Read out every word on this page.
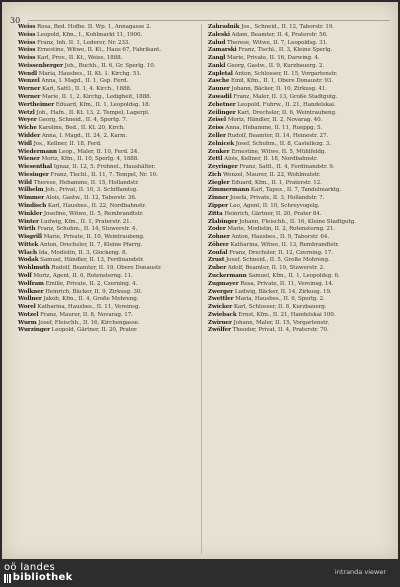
30
Weiss Rosa, Bed. Hofbe. II. Wp. 1, Annagasse 2.
Weiss Leopold, Kfm., I., Kohlmarkt 11, 1900.
Weiss Franz, Inh. II. 1, Lederer, Nr. 233.
Weiss Ernestine, Witwe, II. Kt., Haus 67, Fabrikant.
Weiss Karl, Prov., II. Kt., Weiss, 1888.
Weissenberger Joh., Buchh., II. 6, Gr. Sperlg. 10.
Wendl Maria, Hausbes., II. Kt. 1. Kirchg. 51.
Wenzel Anna, I. Magd., II. 1, Gsp. Ferd.
Werner Karl, Sattl., II. 1, 4. Kirch., 1888.
Werner Marie, II. 1, 2. Kirchg., Ledigheit, 1888.
Wertheimer Eduard, Kfm., II. 1, Leopoldsg. 18.
Wetzl Joh., Hafn., II. Kt. 13, 2. Tempel, Lagerpl.
Weyer Georg, Schneid., II. 4, Sportg. 7.
Wiche Karoline, Bed., II. Kt. 20, Kirch.
Widder Anna, I. Magd., II. 24, 2. Karm.
Widl Jos., Kellner, II. 18, Ferd.
Wiedermann Leop., Maler, II. 10, Ferd. 24.
Wiener Moriz, Kfm., II. 10, Sperlg. 4, 1888.
Wiesenthal Ignaz, II. 12, 5. Frohnel., Haushälter.
Wiesinger Franz, Tischl., II. 11, 7. Tempel, Nr. 10.
Wild Therese, Hebamme, II. 15, Hollandstr.
Wilhelm Joh., Privat, II. 10, 3. Schiffamtsg.
Wimmer Alois, Gastw., II. 12, Taborstr. 36.
Windisch Karl, Hausbes., II. 22, Nordbahnstr.
Winkler Josefine, Witwe, II. 5, Rembrandtstr.
Winter Ludwig, Kfm., II. 1, Praterstr. 21.
Wirth Franz, Schuhm., II. 14, Stuwerstr. 4.
Wisgrill Marie, Private, II. 10, Weintraubeng.
Wittek Anton, Drechsler, II. 7, Kleine Pfarrg.
Wlach Ida, Modistin, II. 3, Glockeng. 8.
Wodak Samuel, Händler, II. 13, Ferdinandstr.
Wohlmuth Rudolf, Beamter, II. 19, Obere Donaustr.
Wolf Moriz, Agent, II. 6, Rotensterng. 11.
Wolfram Emilie, Private, II. 2, Czerning. 4.
Wolkner Heinrich, Bäcker, II. 9, Zirkusg. 30.
Wollner Jakob, Kfm., II. 4, Große Mohreng.
Worel Katharina, Hausbes., II. 11, Vereinsg.
Wotzel Franz, Maurer, II. 8, Novarag. 17.
Wurm Josef, Fleischh., II. 16, Kirchengasse.
Wurzinger Leopold, Gärtner, II. 20, Prater.
Zahradnik Jos., Schneid., II. 12, Taborstr. 19.
Zaleski Adam, Beamter, II. 4, Praterstr. 56.
Zalud Therese, Witwe, II. 7, Leopoldsg. 31.
Zamarski Franz, Tischl., II. 3, Kleine Sperlg.
Zangl Marie, Private, II. 16, Darwing. 4.
Zankl Georg, Gastw., II. 9, Kurzbauerg. 2.
Zapletal Anton, Schlosser, II. 15, Vorgartenstr.
Zasche Emil, Kfm., II. 1, Obere Donaustr. 93.
Zauner Johann, Bäcker, II. 10, Zirkusg. 41.
Zawadil Franz, Maler, II. 13, Große Stadtgutg.
Zehetner Leopold, Fuhrw., II. 21, Handelskai.
Zeilinger Karl, Drechsler, II. 6, Weintraubeng.
Zeisel Moriz, Händler, II. 2, Novarag. 40.
Zeiss Anna, Hebamme, II. 11, Rueppg. 5.
Zeller Rudolf, Beamter, II. 14, Heinestr. 27.
Zelnicek Josef, Schuhm., II. 8, Castellezg. 3.
Zenker Ernestine, Witwe, II. 5, Mühlfeldg.
Zettl Alois, Kellner, II. 18, Nordbahnstr.
Zeyringer Franz, Sattl., II. 4, Ferdinandstr. 9.
Zich Wenzel, Maurer, II. 22, Wohlmutstr.
Ziegler Eduard, Kfm., II. 1, Praterstr. 12.
Zimmermann Karl, Tapez., II. 7, Tandelmarktg.
Zinner Josefa, Private, II. 3, Hollandstr. 7.
Zipper Leo, Agent, II. 10, Schreyvogelg.
Zitta Heinrich, Gärtner, II. 20, Prater 84.
Zlabinger Johann, Fleischh., II. 16, Kleine Stadtgutg.
Zoder Marie, Modistin, II. 2, Rotensterng. 21.
Zohner Anton, Hausbes., II. 9, Taborstr. 64.
Zöhrer Katharina, Witwe, II. 13, Rembrandtstr.
Zoufal Franz, Drechsler, II. 12, Czerning. 17.
Zrust Josef, Schneid., II. 5, Große Mohreng.
Zuber Adolf, Beamter, II. 19, Stuwerstr. 2.
Zuckermann Samuel, Kfm., II. 1, Leopoldsg. 6.
Zugmayer Rosa, Private, II. 11, Vereinsg. 14.
Zwerger Ludwig, Bäcker, II. 14, Zirkusg. 19.
Zwettler Maria, Hausbes., II. 6, Sperlg. 2.
Zwicker Karl, Schlosser, II. 8, Kurzbauerg.
Zwieback Ernst, Kfm., II. 21, Handelskai 100.
Zwirner Johann, Maler, II. 15, Vorgartenstr.
Zwölfer Theodor, Privat, II. 4, Praterstr. 70.
oö landes
bibliothek	intranda viewer
